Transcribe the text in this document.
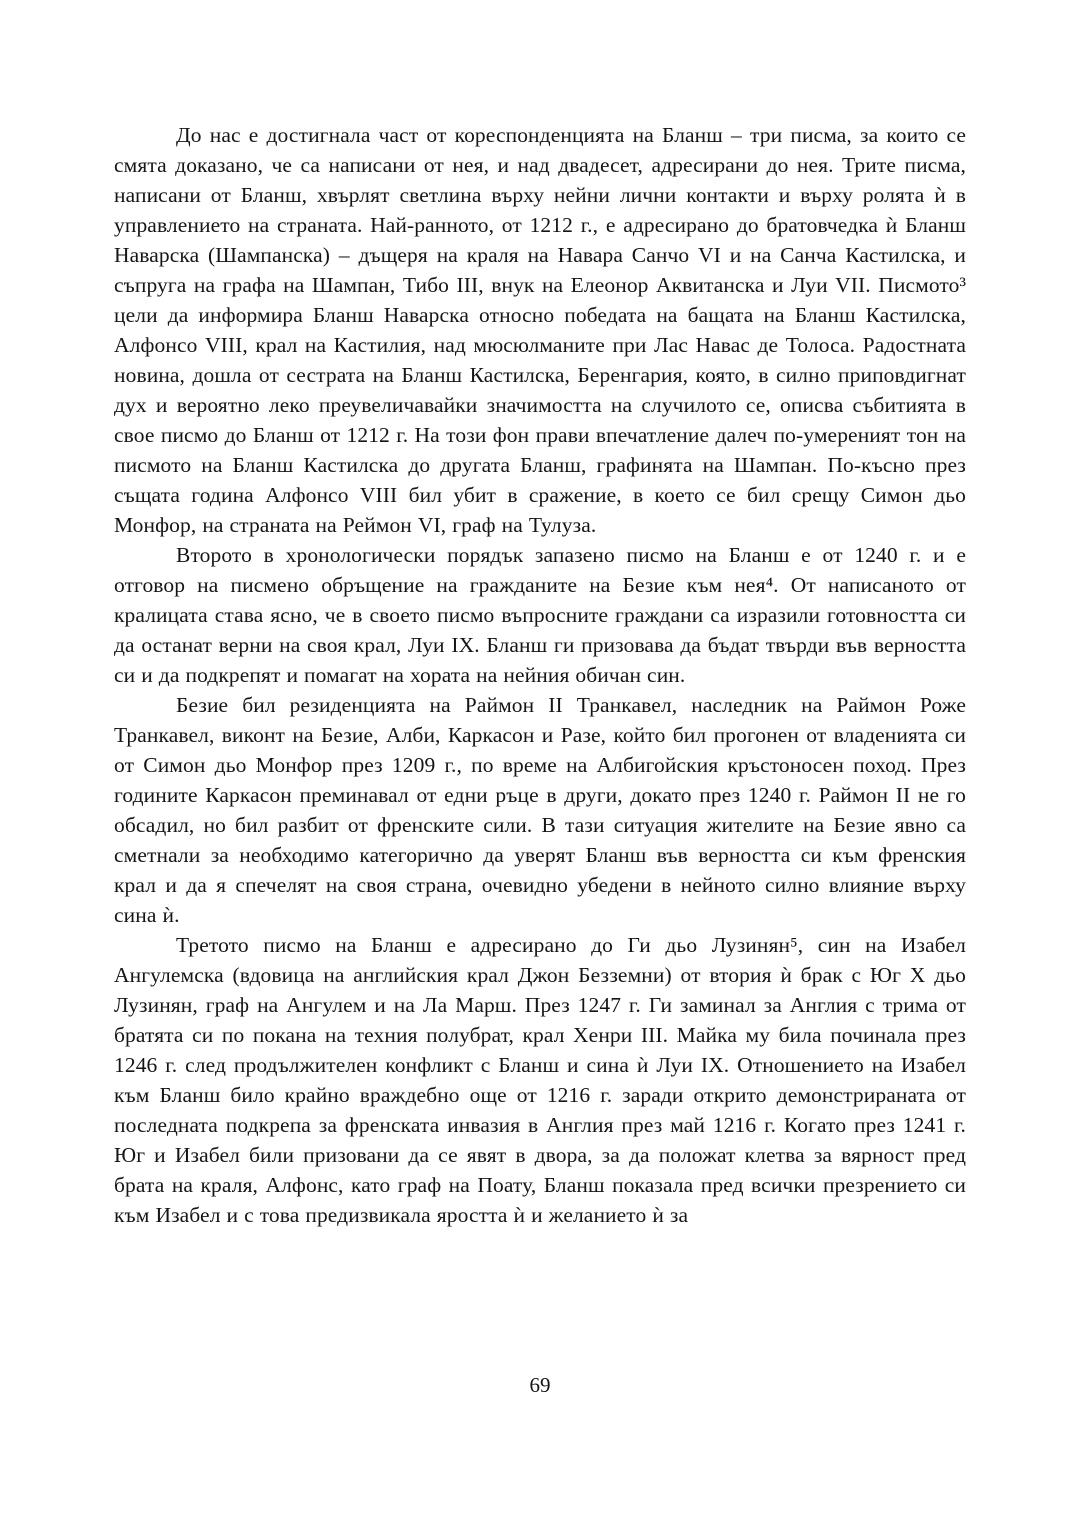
До нас е достигнала част от кореспонденцията на Бланш – три писма, за които се смята доказано, че са написани от нея, и над двадесет, адресирани до нея. Трите писма, написани от Бланш, хвърлят светлина върху нейни лични контакти и върху ролята ѝ в управлението на страната. Най-ранното, от 1212 г., е адресирано до братовчедка ѝ Бланш Наварска (Шампанска) – дъщеря на краля на Навара Санчо VI и на Санча Кастилска, и съпруга на графа на Шампан, Тибо III, внук на Елеонор Аквитанска и Луи VII. Писмото³ цели да информира Бланш Наварска относно победата на бащата на Бланш Кастилска, Алфонсо VIII, крал на Кастилия, над мюсюлманите при Лас Навас де Толоса. Радостната новина, дошла от сестрата на Бланш Кастилска, Беренгария, която, в силно приповдигнат дух и вероятно леко преувеличавайки значимостта на случилото се, описва събитията в свое писмо до Бланш от 1212 г. На този фон прави впечатление далеч по-умереният тон на писмото на Бланш Кастилска до другата Бланш, графинята на Шампан. По-късно през същата година Алфонсо VIII бил убит в сражение, в което се бил срещу Симон дьо Монфор, на страната на Реймон VI, граф на Тулуза.

Второто в хронологически порядък запазено писмо на Бланш е от 1240 г. и е отговор на писмено обръщение на гражданите на Безие към нея⁴. От написаното от кралицата става ясно, че в своето писмо въпросните граждани са изразили готовността си да останат верни на своя крал, Луи IX. Бланш ги призовава да бъдат твърди във верността си и да подкрепят и помагат на хората на нейния обичан син.

Безие бил резиденцията на Раймон II Транкавел, наследник на Раймон Роже Транкавел, виконт на Безие, Алби, Каркасон и Разе, който бил прогонен от владенията си от Симон дьо Монфор през 1209 г., по време на Албигойския кръстоносен поход. През годините Каркасон преминавал от едни ръце в други, докато през 1240 г. Раймон II не го обсадил, но бил разбит от френските сили. В тази ситуация жителите на Безие явно са сметнали за необходимо категорично да уверят Бланш във верността си към френския крал и да я спечелят на своя страна, очевидно убедени в нейното силно влияние върху сина ѝ.

Третото писмо на Бланш е адресирано до Ги дьо Лузинян⁵, син на Изабел Ангулемска (вдовица на английския крал Джон Безземни) от втория ѝ брак с Юг X дьо Лузинян, граф на Ангулем и на Ла Марш. През 1247 г. Ги заминал за Англия с трима от братята си по покана на техния полубрат, крал Хенри III. Майка му била починала през 1246 г. след продължителен конфликт с Бланш и сина ѝ Луи IX. Отношението на Изабел към Бланш било крайно враждебно още от 1216 г. заради открито демонстрираната от последната подкрепа за френската инвазия в Англия през май 1216 г. Когато през 1241 г. Юг и Изабел били призовани да се явят в двора, за да положат клетва за вярност пред брата на краля, Алфонс, като граф на Поату, Бланш показала пред всички презрението си към Изабел и с това предизвикала яростта ѝ и желанието ѝ за

69
